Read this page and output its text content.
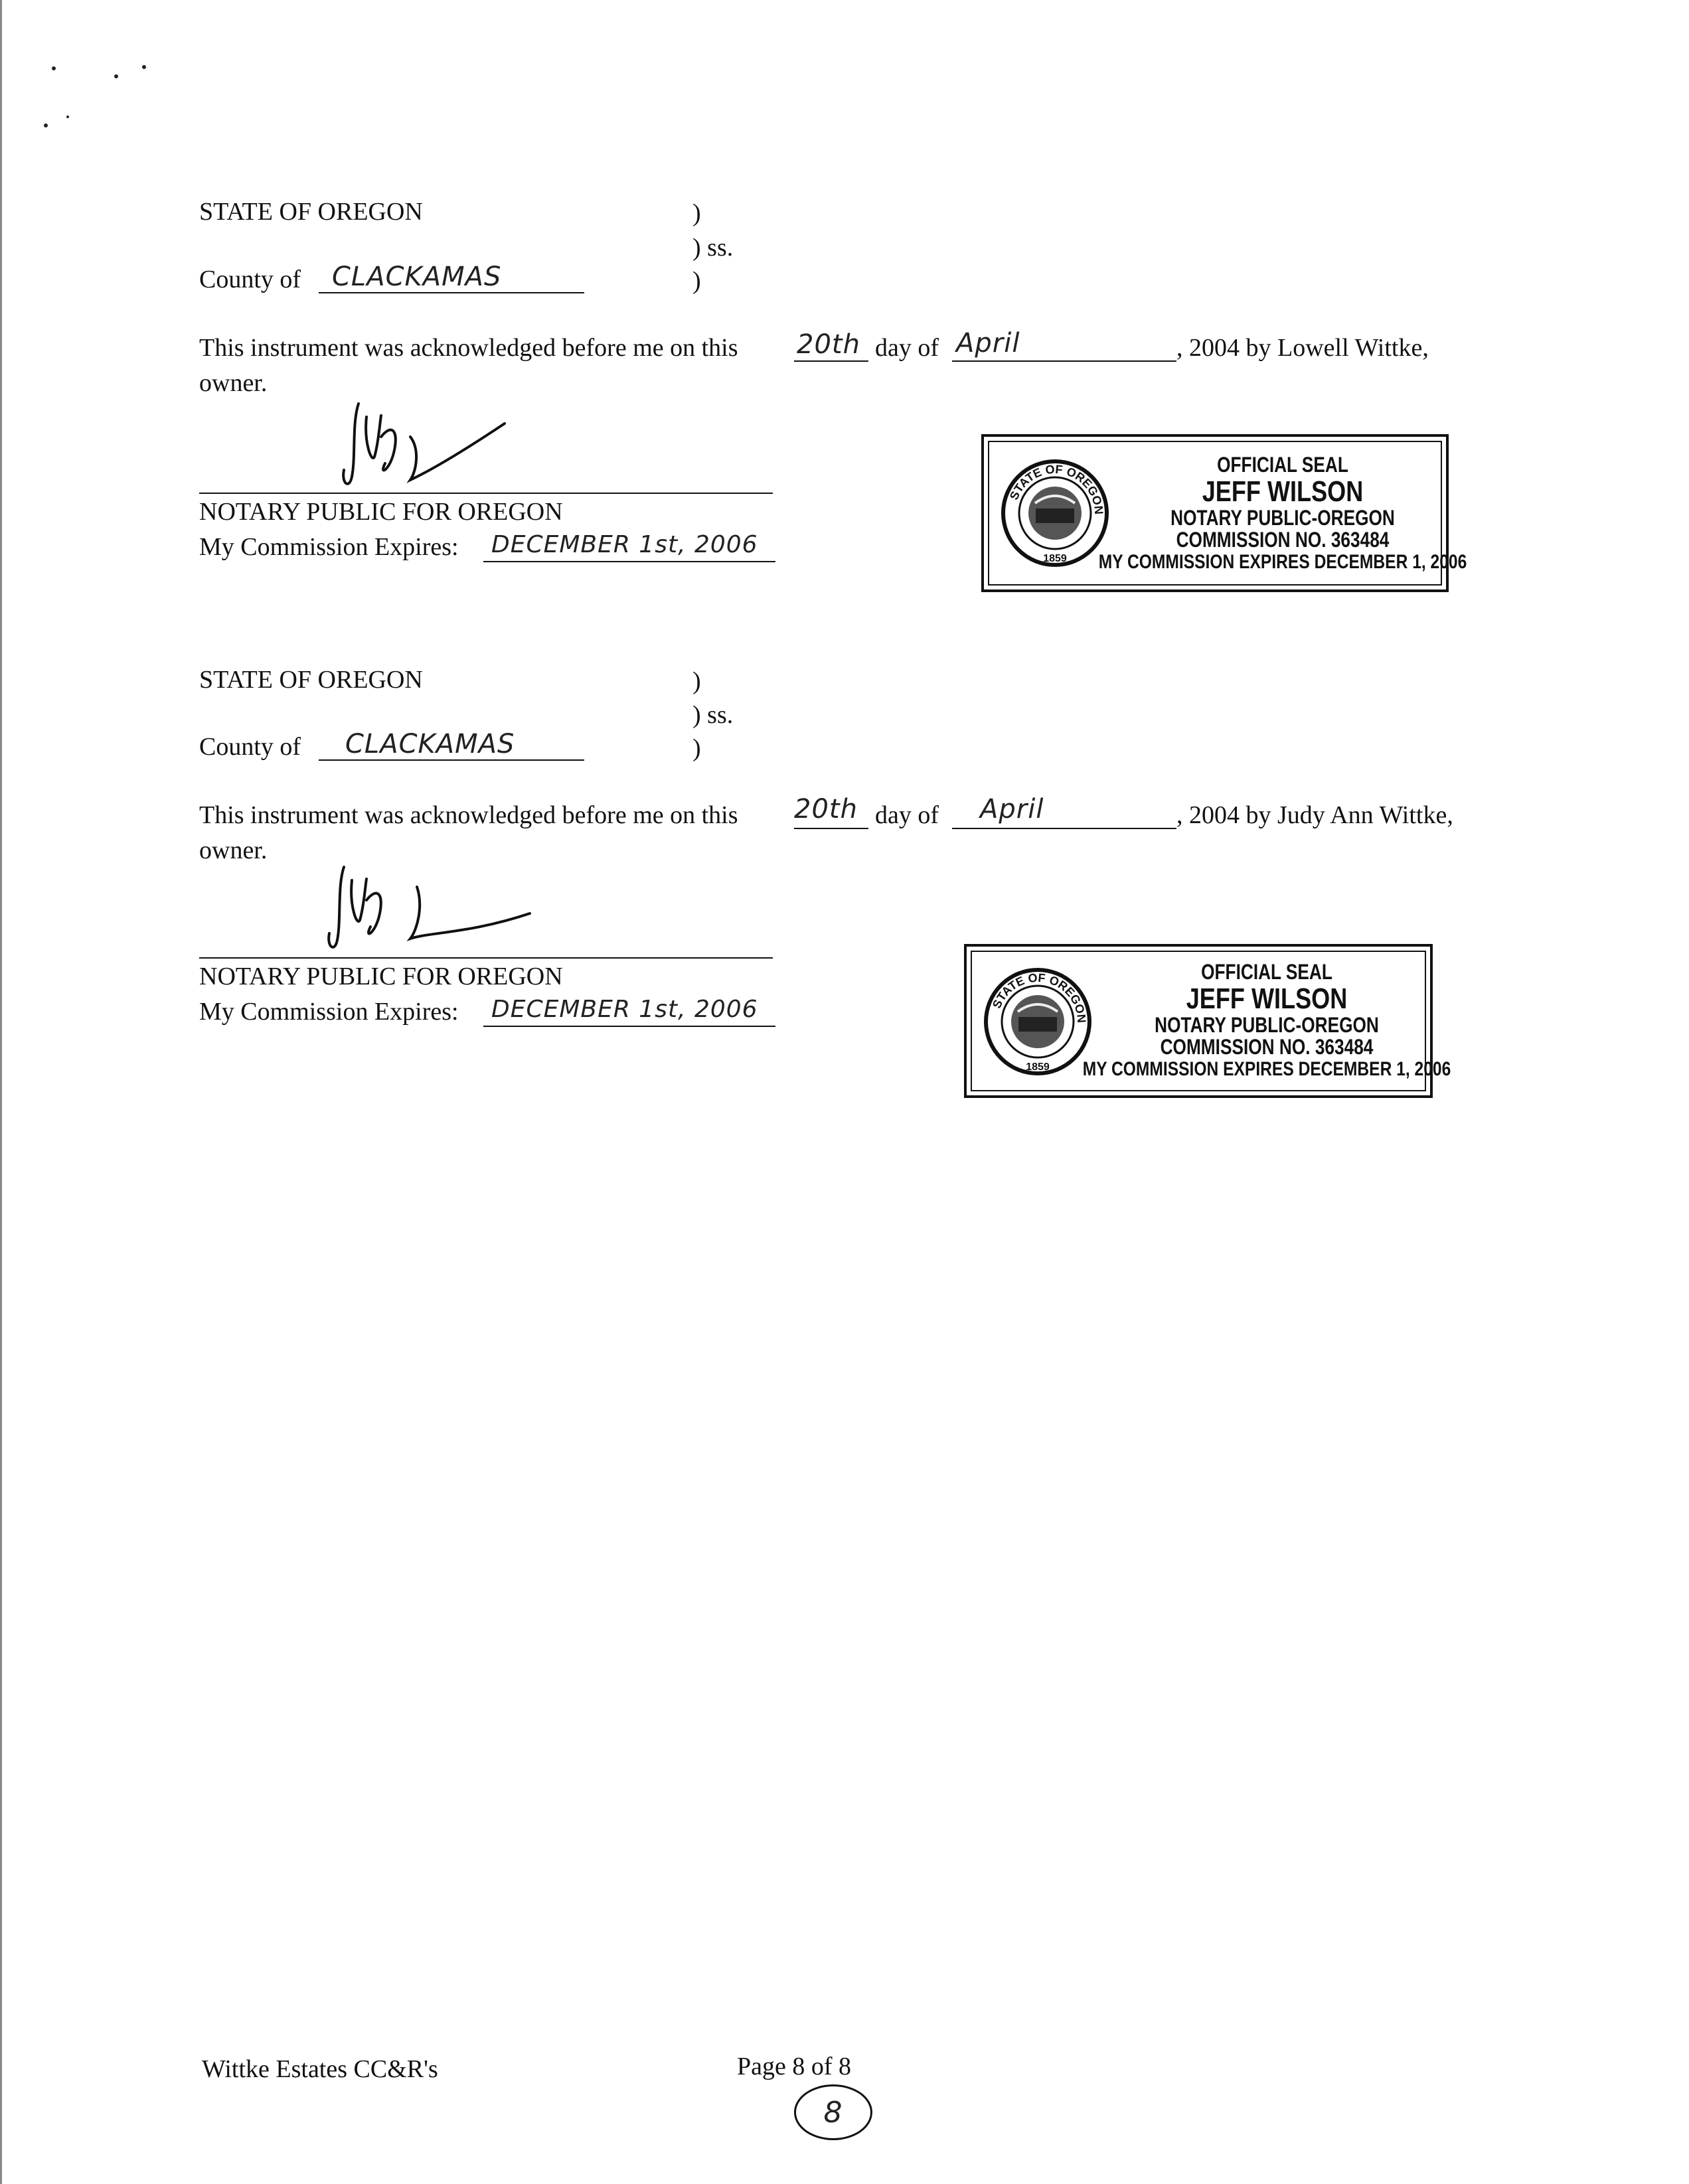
STATE OF OREGON	)
) ss.
)
County of CLACKAMAS
This instrument was acknowledged before me on this 20th day of April	, 2004 by Lowell Wittke,
owner.
NOTARY PUBLIC FOR OREGON
My Commission Expires: DECEMBER 1st, 2006
STATE OF OREGON
1859
OFFICIAL SEAL
JEFF WILSON
NOTARY PUBLIC-OREGON
COMMISSION NO. 363484
MY COMMISSION EXPIRES DECEMBER 1, 2006
STATE OF OREGON	)
) ss.
)
County of CLACKAMAS
This instrument was acknowledged before me on this 20th day of April	, 2004 by Judy Ann Wittke,
owner.
NOTARY PUBLIC FOR OREGON
My Commission Expires: DECEMBER 1st, 2006	STATE OF OREGON
1859
OFFICIAL SEAL
JEFF WILSON
NOTARY PUBLIC-OREGON
COMMISSION NO. 363484
MY COMMISSION EXPIRES DECEMBER 1, 2006
Wittke Estates CC&R's	Page 8 of 8
8
